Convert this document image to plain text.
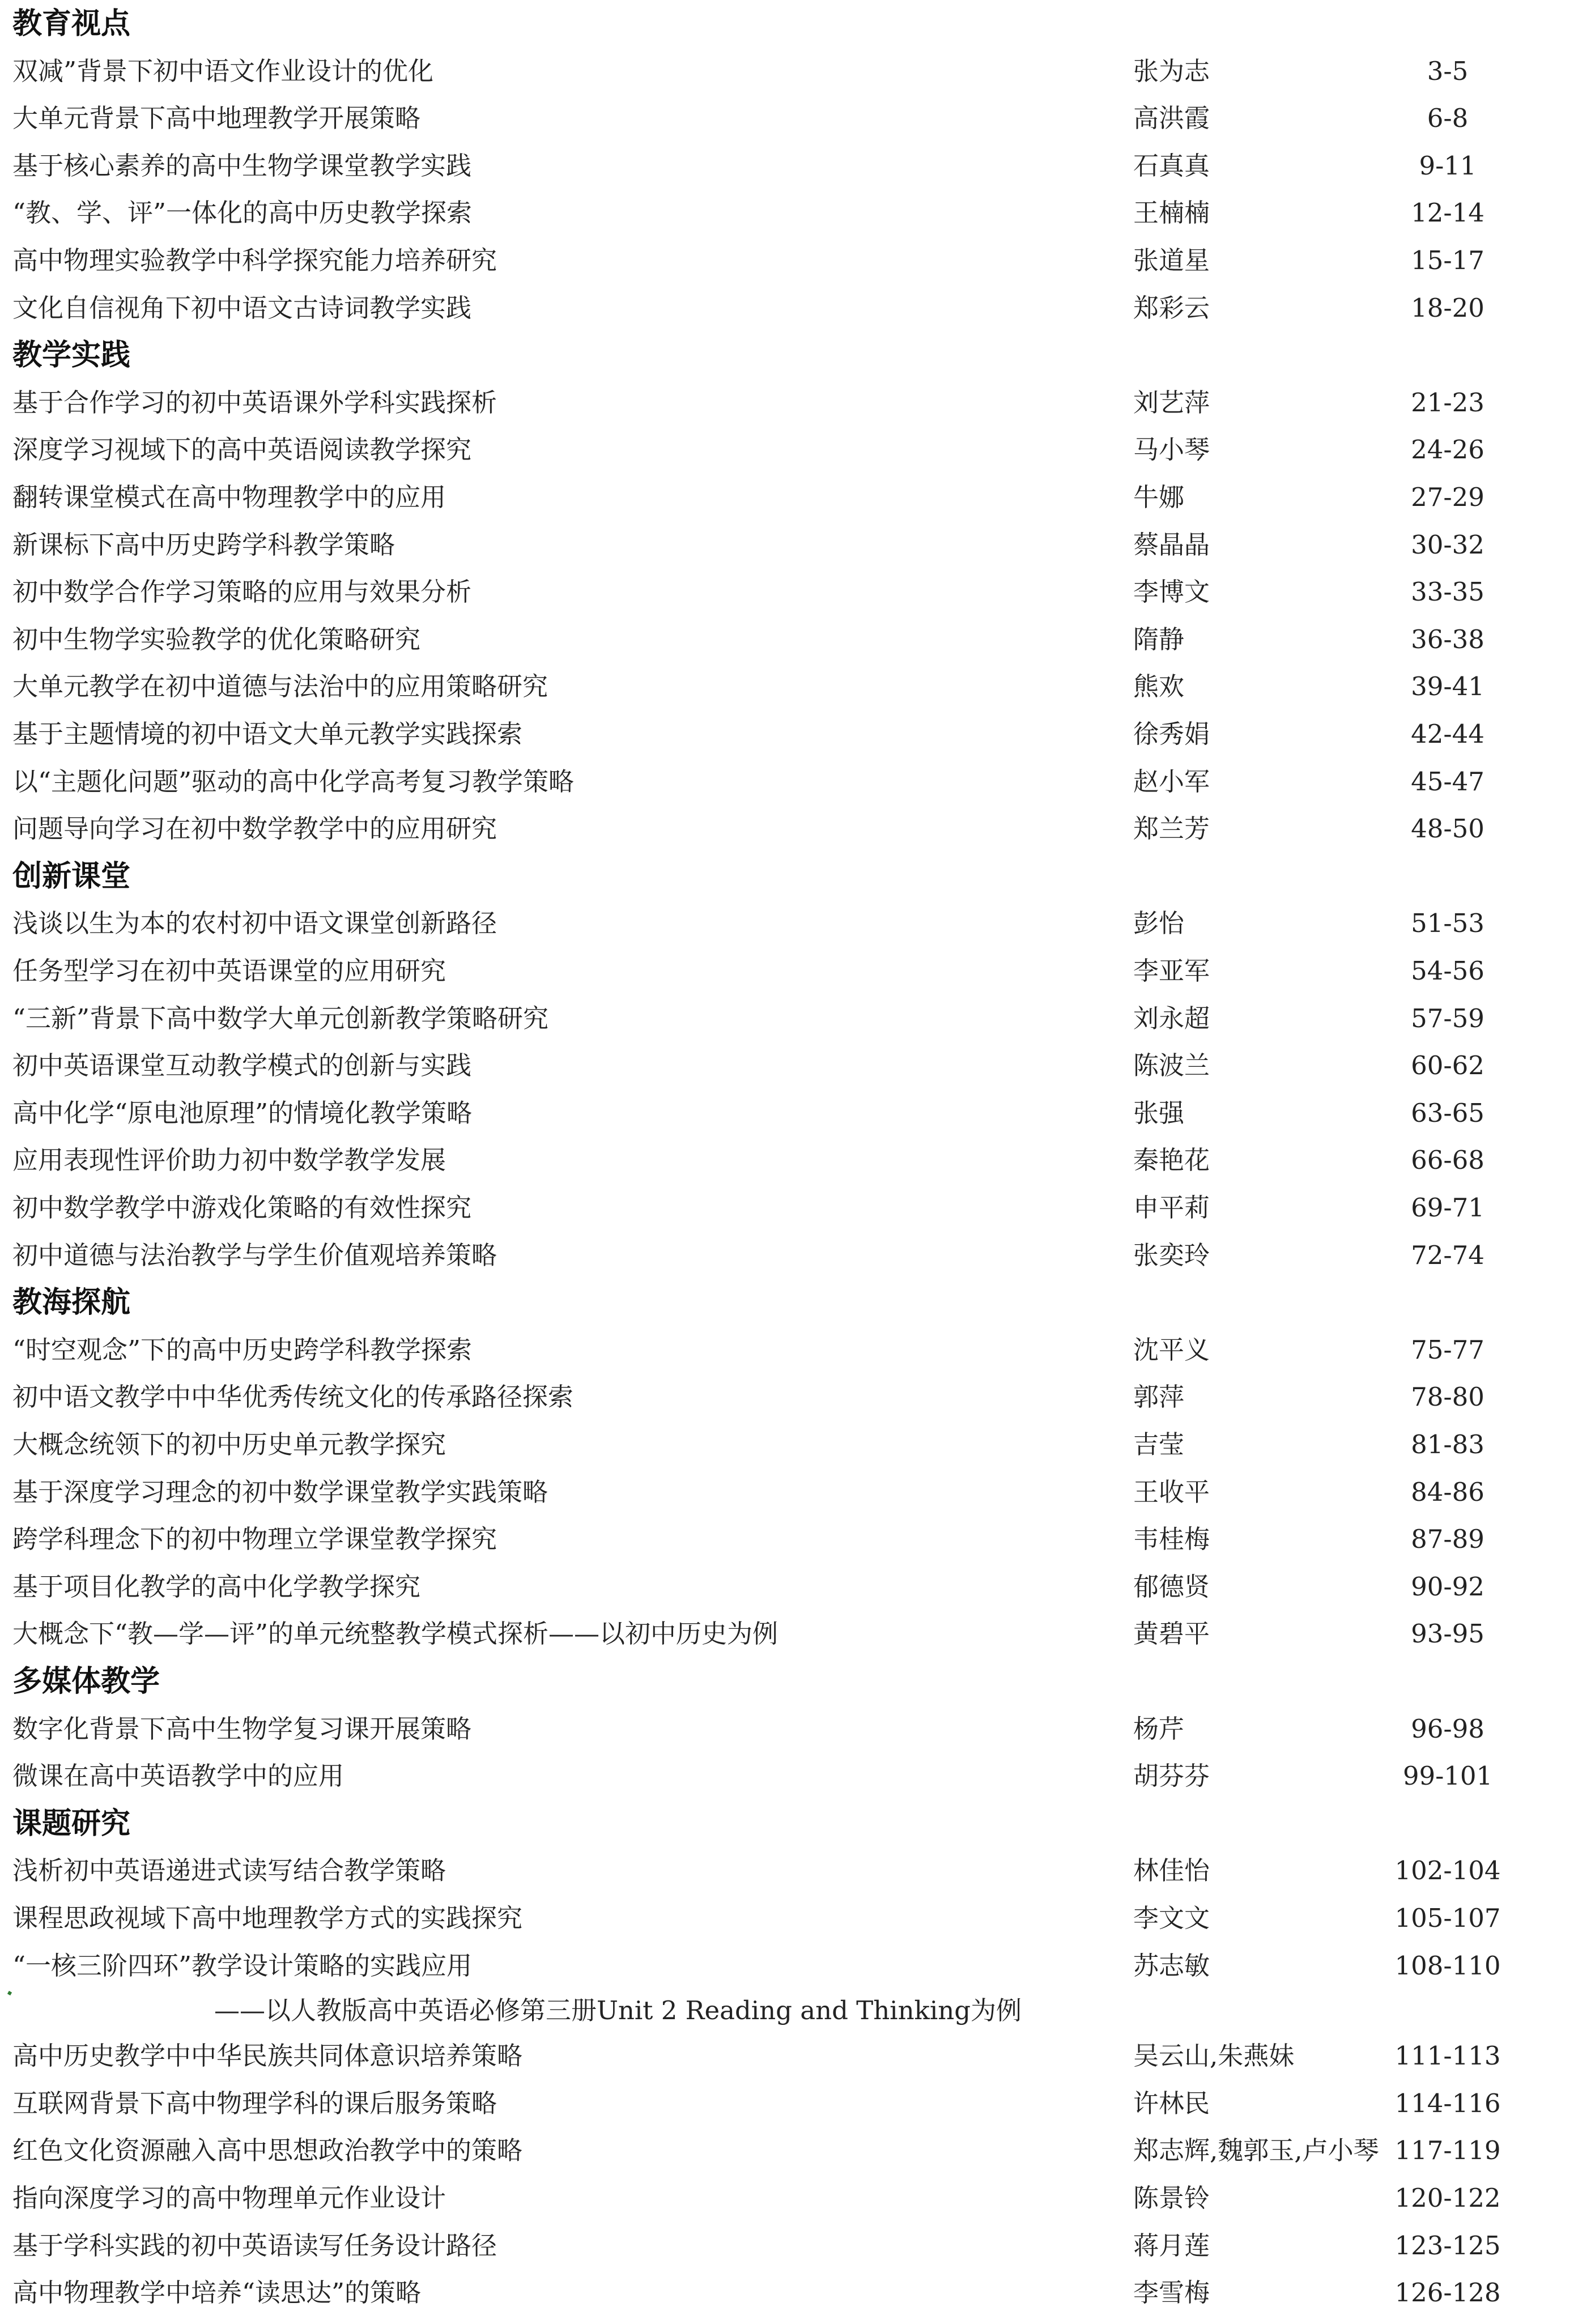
教育视点
双减”背景下初中语文作业设计的优化	张为志	3-5
大单元背景下高中地理教学开展策略	高洪霞	6-8
基于核心素养的高中生物学课堂教学实践	石真真	9-11
“教、学、评”一体化的高中历史教学探索	王楠楠	12-14
高中物理实验教学中科学探究能力培养研究	张道星	15-17
文化自信视角下初中语文古诗词教学实践	郑彩云	18-20
教学实践
基于合作学习的初中英语课外学科实践探析	刘艺萍	21-23
深度学习视域下的高中英语阅读教学探究	马小琴	24-26
翻转课堂模式在高中物理教学中的应用	牛娜	27-29
新课标下高中历史跨学科教学策略	蔡晶晶	30-32
初中数学合作学习策略的应用与效果分析	李博文	33-35
初中生物学实验教学的优化策略研究	隋静	36-38
大单元教学在初中道德与法治中的应用策略研究	熊欢	39-41
基于主题情境的初中语文大单元教学实践探索	徐秀娟	42-44
以“主题化问题”驱动的高中化学高考复习教学策略	赵小军	45-47
问题导向学习在初中数学教学中的应用研究	郑兰芳	48-50
创新课堂
浅谈以生为本的农村初中语文课堂创新路径	彭怡	51-53
任务型学习在初中英语课堂的应用研究	李亚军	54-56
“三新”背景下高中数学大单元创新教学策略研究	刘永超	57-59
初中英语课堂互动教学模式的创新与实践	陈波兰	60-62
高中化学“原电池原理”的情境化教学策略	张强	63-65
应用表现性评价助力初中数学教学发展	秦艳花	66-68
初中数学教学中游戏化策略的有效性探究	申平莉	69-71
初中道德与法治教学与学生价值观培养策略	张奕玲	72-74
教海探航
“时空观念”下的高中历史跨学科教学探索	沈平义	75-77
初中语文教学中中华优秀传统文化的传承路径探索	郭萍	78-80
大概念统领下的初中历史单元教学探究	吉莹	81-83
基于深度学习理念的初中数学课堂教学实践策略	王收平	84-86
跨学科理念下的初中物理立学课堂教学探究	韦桂梅	87-89
基于项目化教学的高中化学教学探究	郁德贤	90-92
大概念下“教—学—评”的单元统整教学模式探析——以初中历史为例	黄碧平	93-95
多媒体教学
数字化背景下高中生物学复习课开展策略	杨芹	96-98
微课在高中英语教学中的应用	胡芬芬	99-101
课题研究
浅析初中英语递进式读写结合教学策略	林佳怡	102-104
课程思政视域下高中地理教学方式的实践探究	李文文	105-107
“一核三阶四环”教学设计策略的实践应用	苏志敏	108-110
——以人教版高中英语必修第三册Unit 2 Reading and Thinking为例
高中历史教学中中华民族共同体意识培养策略	吴云山,朱燕妹	111-113
互联网背景下高中物理学科的课后服务策略	许林民	114-116
红色文化资源融入高中思想政治教学中的策略	郑志辉,魏郭玉,卢小琴 117-119
指向深度学习的高中物理单元作业设计	陈景铃	120-122
基于学科实践的初中英语读写任务设计路径	蒋月莲	123-125
高中物理教学中培养“读思达”的策略	李雪梅	126-128
